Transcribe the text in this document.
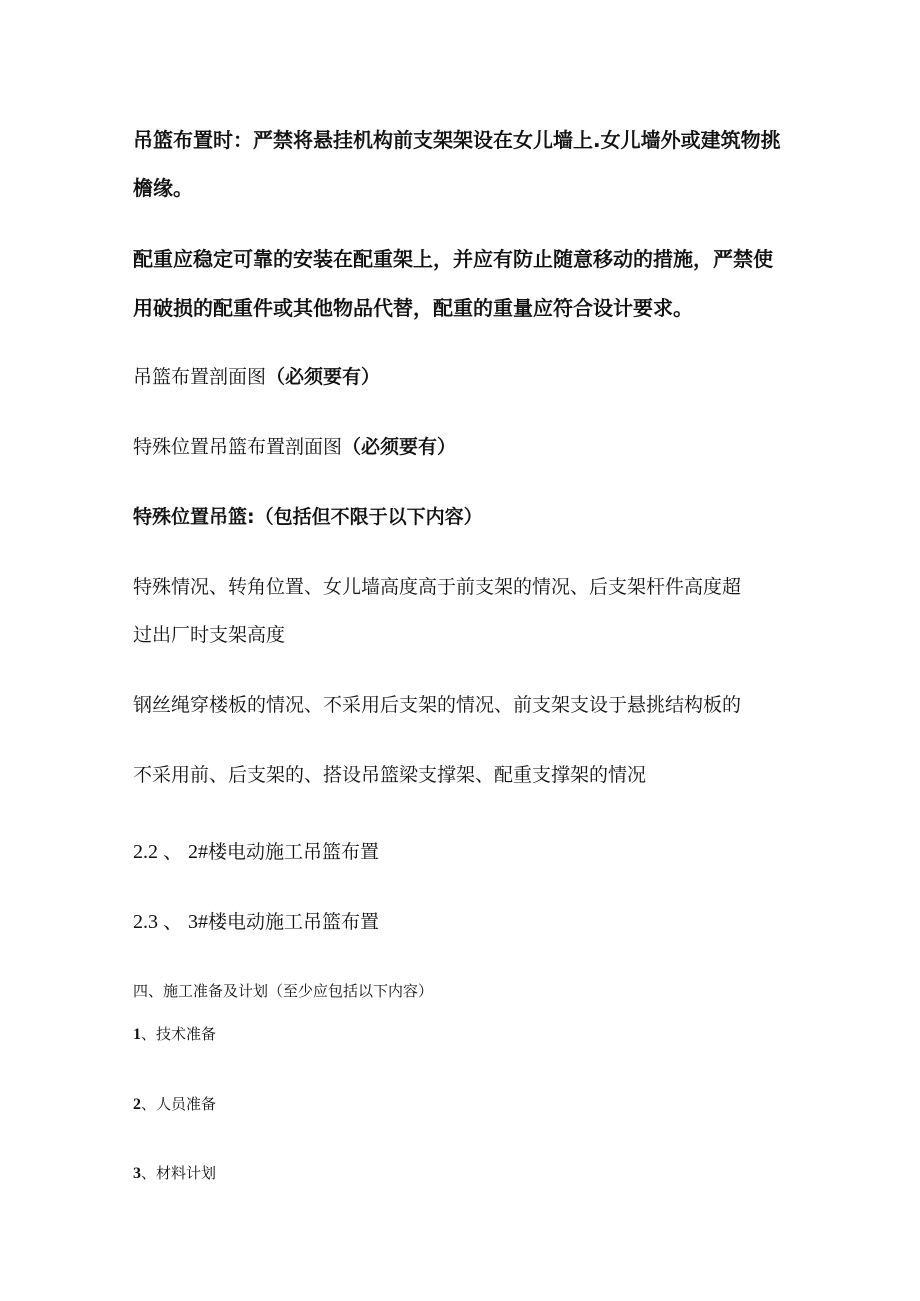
吊篮布置时：严禁将悬挂机构前支架架设在女儿墙上.女儿墙外或建筑物挑
檐缘。
配重应稳定可靠的安装在配重架上，并应有防止随意移动的措施，严禁使
用破损的配重件或其他物品代替，配重的重量应符合设计要求。
吊篮布置剖面图（必须要有）
特殊位置吊篮布置剖面图（必须要有）
特殊位置吊篮:（包括但不限于以下内容）
特殊情况、转角位置、女儿墙高度高于前支架的情况、后支架杆件高度超
过出厂时支架高度
钢丝绳穿楼板的情况、不采用后支架的情况、前支架支设于悬挑结构板的
不采用前、后支架的、搭设吊篮梁支撑架、配重支撑架的情况
2.2 、 2#楼电动施工吊篮布置
2.3 、 3#楼电动施工吊篮布置
四、施工准备及计划（至少应包括以下内容）
1、技术准备
2、人员准备
3、材料计划
